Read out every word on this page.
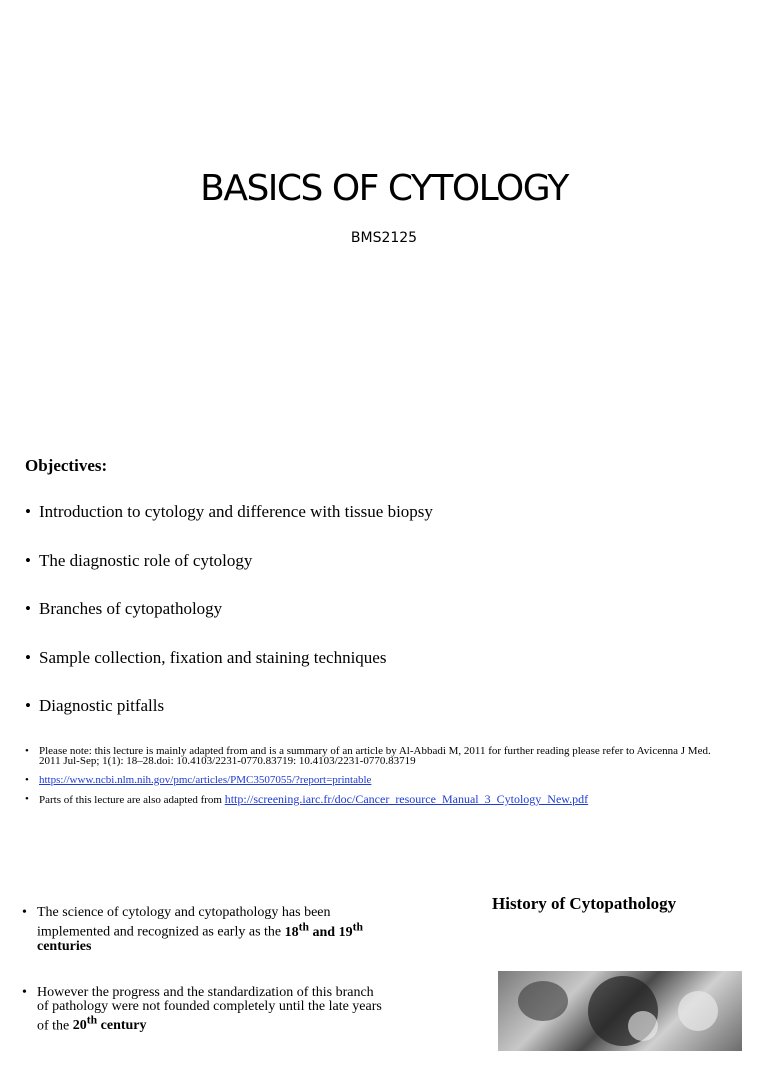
BASICS OF CYTOLOGY
BMS2125
Objectives:
• Introduction to cytology and difference with tissue biopsy
• The diagnostic role of cytology
• Branches of cytopathology
• Sample collection, fixation and staining techniques
• Diagnostic pitfalls
• Please note: this lecture is mainly adapted from and is a summary of an article by Al-Abbadi M, 2011 for further reading please refer to Avicenna J Med. 2011 Jul-Sep; 1(1): 18–28.doi: 10.4103/2231-0770.83719: 10.4103/2231-0770.83719
• https://www.ncbi.nlm.nih.gov/pmc/articles/PMC3507055/?report=printable
• Parts of this lecture are also adapted from http://screening.iarc.fr/doc/Cancer_resource_Manual_3_Cytology_New.pdf
• The science of cytology and cytopathology has been implemented and recognized as early as the 18th and 19th centuries
• However the progress and the standardization of this branch of pathology were not founded completely until the late years of the 20th century
History of Cytopathology
